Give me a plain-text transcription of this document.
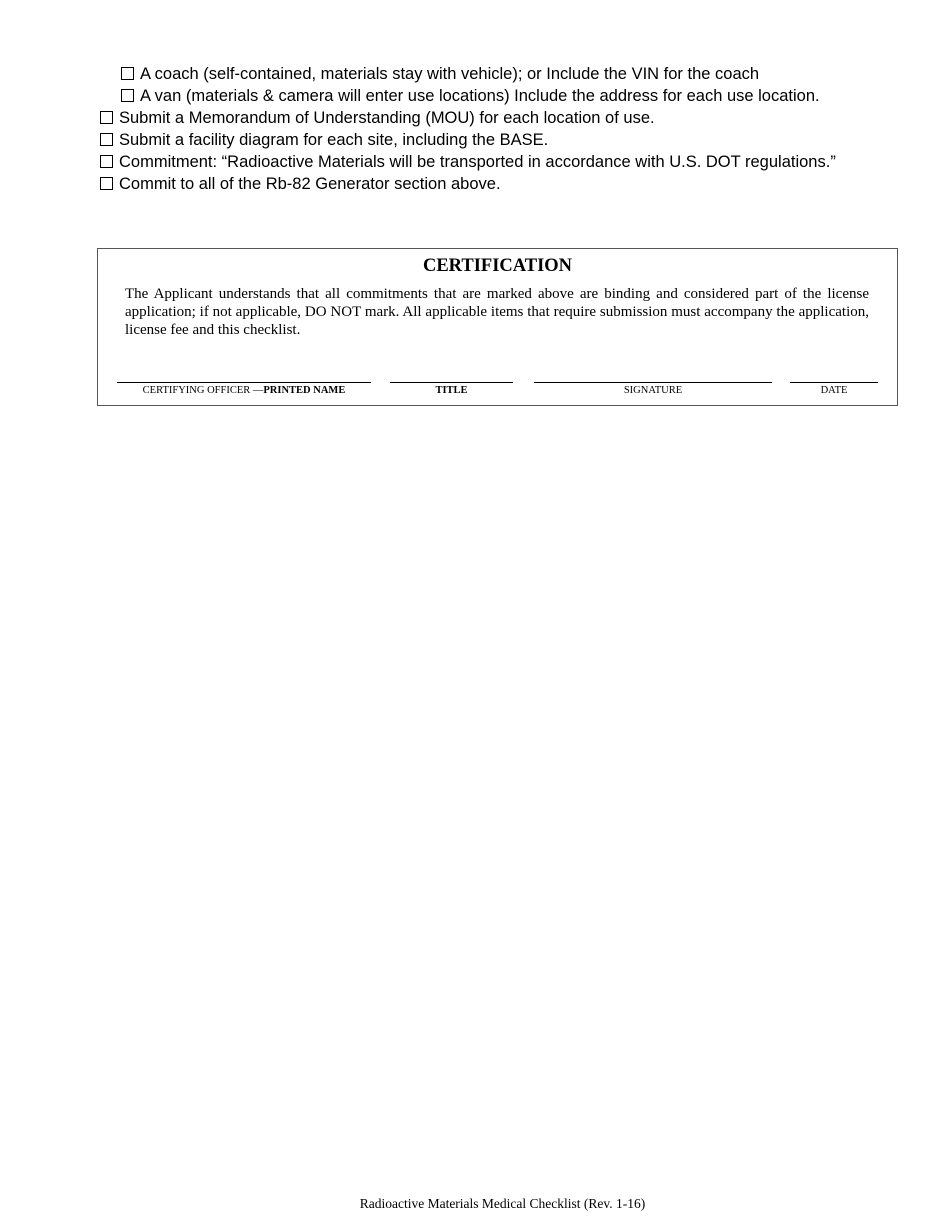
A coach (self-contained, materials stay with vehicle); or Include the VIN for the coach
A van (materials & camera will enter use locations) Include the address for each use location.
Submit a Memorandum of Understanding (MOU) for each location of use.
Submit a facility diagram for each site, including the BASE.
Commitment: “Radioactive Materials will be transported in accordance with U.S. DOT regulations.”
Commit to all of the Rb-82 Generator section above.
CERTIFICATION
The Applicant understands that all commitments that are marked above are binding and considered part of the license application; if not applicable, DO NOT mark. All applicable items that require submission must accompany the application, license fee and this checklist.
CERTIFYING OFFICER —PRINTED NAME	TITLE	SIGNATURE	DATE
Radioactive Materials Medical Checklist (Rev. 1-16)
